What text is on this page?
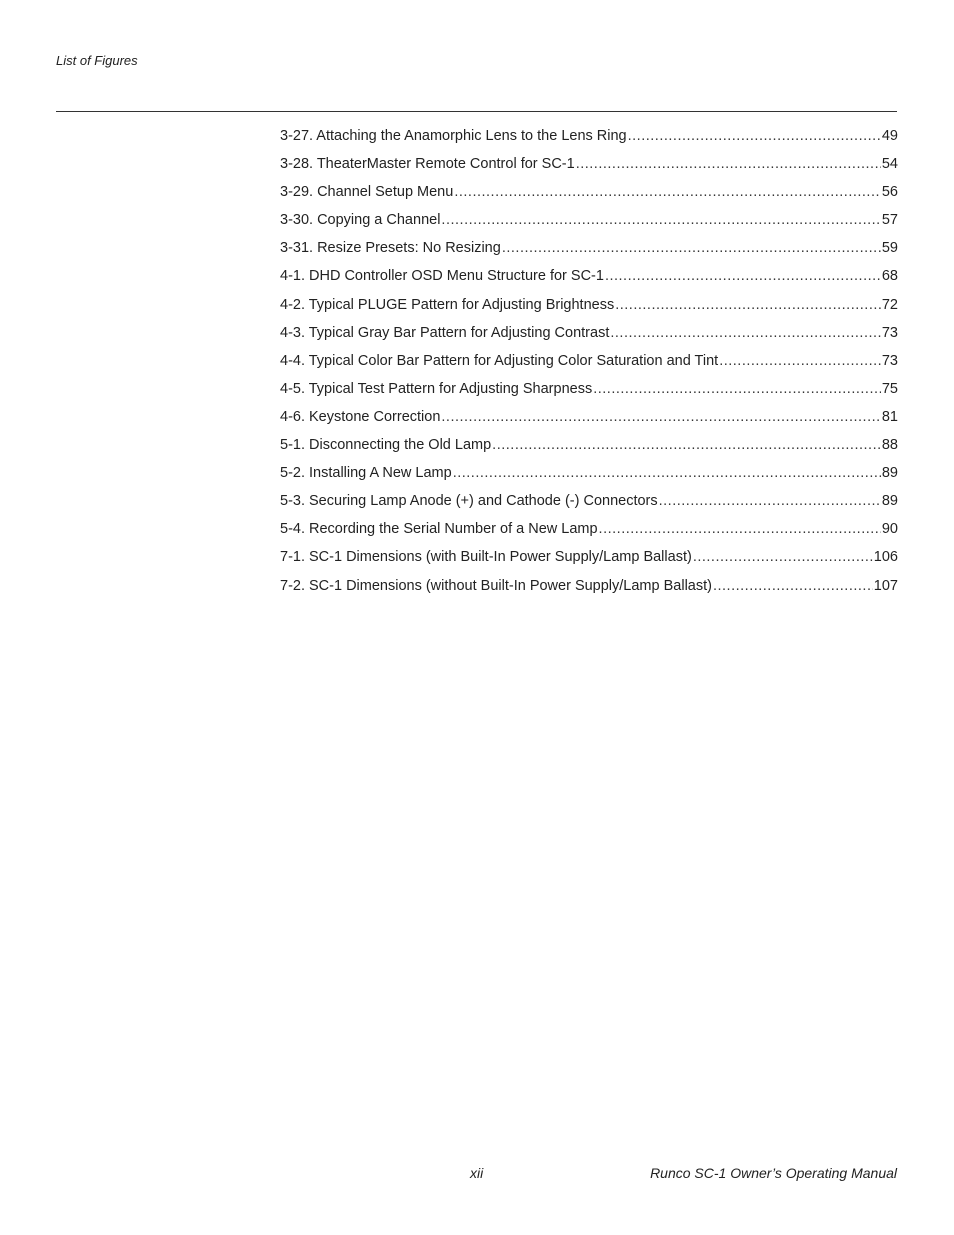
List of Figures
3-27. Attaching the Anamorphic Lens to the Lens Ring .....	49
3-28. TheaterMaster Remote Control for SC-1 .....	54
3-29. Channel Setup Menu .....	56
3-30. Copying a Channel .....	57
3-31. Resize Presets: No Resizing .....	59
4-1. DHD Controller OSD Menu Structure for SC-1 .....	68
4-2. Typical PLUGE Pattern for Adjusting Brightness .....	72
4-3. Typical Gray Bar Pattern for Adjusting Contrast .....	73
4-4. Typical Color Bar Pattern for Adjusting Color Saturation and Tint .....	73
4-5. Typical Test Pattern for Adjusting Sharpness .....	75
4-6. Keystone Correction .....	81
5-1. Disconnecting the Old Lamp .....	88
5-2. Installing A New Lamp .....	89
5-3. Securing Lamp Anode (+) and Cathode (-) Connectors .....	89
5-4. Recording the Serial Number of a New Lamp .....	90
7-1. SC-1 Dimensions (with Built-In Power Supply/Lamp Ballast) .....	106
7-2. SC-1 Dimensions (without Built-In Power Supply/Lamp Ballast) .....	107
xii	Runco SC-1 Owner’s Operating Manual
